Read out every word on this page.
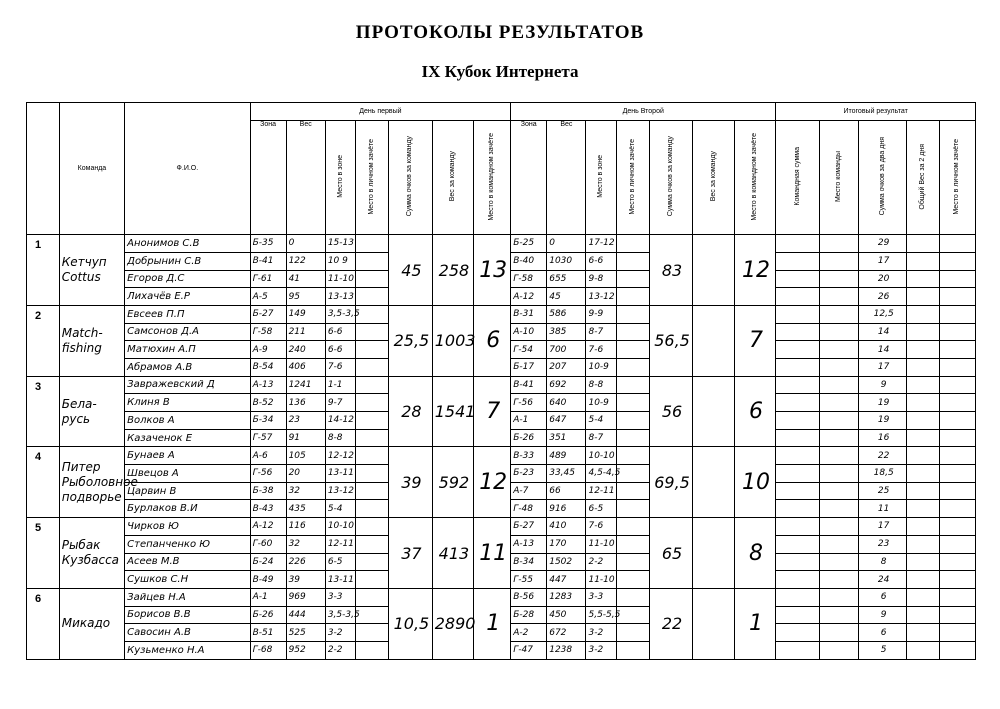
ПРОТОКОЛЫ РЕЗУЛЬТАТОВ
IX Кубок Интернета
	Команда	Ф.И.О.	День первый							День Второй							Итоговый результат				
			Зона	Вес	Место в зоне	Место в личном зачёте	Сумма очков за команду	Вес за команду	Место в командном зачёте	Зона	Вес	Место в зоне	Место в личном зачёте	Сумма очков за команду	Вес за команду	Место в командном зачёте	Командная сумма	Место команды	Сумма очков за два дня	Общий Вес за 2 дня	Место в личном зачёте
1	Кетчуп Cottus	Анонимов С.В	Б-35	0	15-13		45	258	13	Б-25	0	17-12		83		12			29		
		Добрынин С.В	В-41	122	10 9					В-40	1030	6-6							17		
		Егоров Д.С	Г-61	41	11-10					Г-58	655	9-8							20		
		Лихачёв Е.Р	А-5	95	13-13					А-12	45	13-12							26		
2	Match-fishing	Евсеев П.П	Б-27	149	3,5-3,5		25,5	1003	6	В-31	586	9-9		56,5		7			12,5		
		Самсонов Д.А	Г-58	211	6-6					А-10	385	8-7							14		
		Матюхин А.П	А-9	240	6-6					Г-54	700	7-6							14		
		Абрамов А.В	В-54	406	7-6					Б-17	207	10-9							17		
3	Бела-русь	Завражевский Д	А-13	1241	1-1		28	1541	7	В-41	692	8-8		56		6			9		
		Клиня В	В-52	136	9-7					Г-56	640	10-9							19		
		Волков А	Б-34	23	14-12					А-1	647	5-4							19		
		Казаченок Е	Г-57	91	8-8					Б-26	351	8-7							16		
4	Питер Рыболовное подворье	Бунаев А	А-6	105	12-12		39	592	12	В-33	489	10-10		69,5		10			22		
		Швецов А	Г-56	20	13-11					Б-23	33,45	4,5-4,5							18,5		
		Царвин В	Б-38	32	13-12					А-7	66	12-11							25		
		Бурлаков В.И	В-43	435	5-4					Г-48	916	6-5							11		
5	Рыбак Кузбасса	Чирков Ю	А-12	116	10-10		37	413	11	Б-27	410	7-6		65		8			17		
		Степанченко Ю	Г-60	32	12-11					А-13	170	11-10							23		
		Асеев М.В	Б-24	226	6-5					В-34	1502	2-2							8		
		Сушков С.Н	В-49	39	13-11					Г-55	447	11-10							24		
6	Микадо	Зайцев Н.А	А-1	969	3-3		10,5	2890	1	В-56	1283	3-3		22		1			6		
		Борисов В.В	Б-26	444	3,5-3,5					Б-28	450	5,5-5,5							9		
		Савосин А.В	В-51	525	3-2					А-2	672	3-2							6		
		Кузьменко Н.А	Г-68	952	2-2					Г-47	1238	3-2							5		
